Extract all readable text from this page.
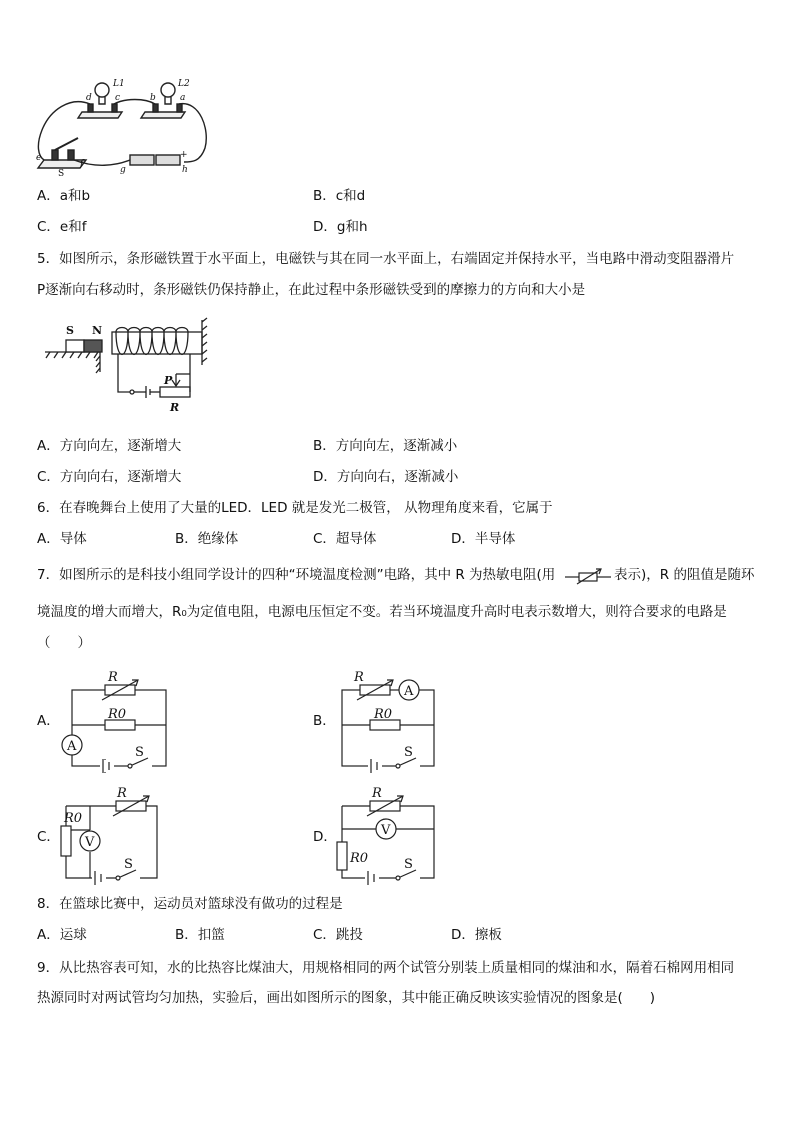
d	c
L1
b	a
L2
e
f
g	h
+
S
A．a和b	B．c和d
C．e和f	D．g和h
5．如图所示，条形磁铁置于水平面上，电磁铁与其在同一水平面上，右端固定并保持水平，当电路中滑动变阻器滑片
P逐渐向右移动时，条形磁铁仍保持静止，在此过程中条形磁铁受到的摩擦力的方向和大小是
S N
P
R
A．方向向左，逐渐增大	B．方向向左，逐渐减小
C．方向向右，逐渐增大	D．方向向右，逐渐减小
6．在春晚舞台上使用了大量的LED．LED 就是发光二极管， 从物理角度来看，它属于
A．导体	B．绝缘体	C．超导体	D．半导体
7．如图所示的是科技小组同学设计的四种“环境温度检测”电路，其中 R 为热敏电阻(用	表示)，R 的阻值是随环
境温度的增大而增大，R₀为定值电阻，电源电压恒定不变。若当环境温度升高时电表示数增大，则符合要求的电路是
（　　）
R
R0
A	S
R
A
R0
S
R
R0
V
S
R
V
R0	S
A．	B．
C．	D．
8．在篮球比赛中，运动员对篮球没有做功的过程是
A．运球	B．扣篮	C．跳投	D．擦板
9．从比热容表可知，水的比热容比煤油大，用规格相同的两个试管分别装上质量相同的煤油和水，隔着石棉网用相同
热源同时对两试管均匀加热，实验后，画出如图所示的图象，其中能正确反映该实验情况的图象是(　　)
